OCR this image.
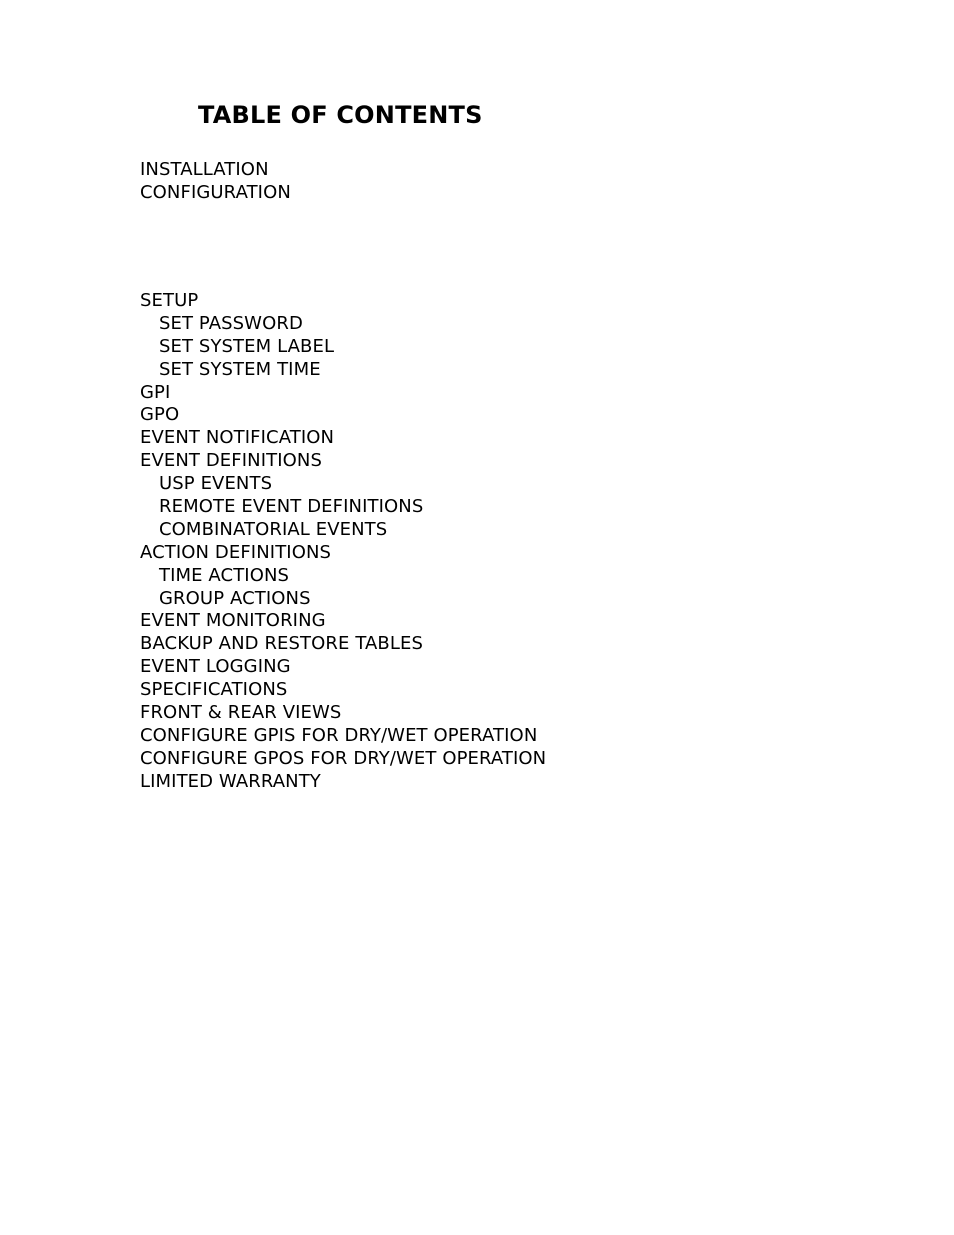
TABLE OF CONTENTS
INSTALLATION
CONFIGURATION
SETUP
SET PASSWORD
SET SYSTEM LABEL
SET SYSTEM TIME
GPI
GPO
EVENT NOTIFICATION
EVENT DEFINITIONS
USP EVENTS
REMOTE EVENT DEFINITIONS
COMBINATORIAL EVENTS
ACTION DEFINITIONS
TIME ACTIONS
GROUP ACTIONS
EVENT MONITORING
BACKUP AND RESTORE TABLES
EVENT LOGGING
SPECIFICATIONS
FRONT & REAR VIEWS
CONFIGURE GPIS FOR DRY/WET OPERATION
CONFIGURE GPOS FOR DRY/WET OPERATION
LIMITED WARRANTY
